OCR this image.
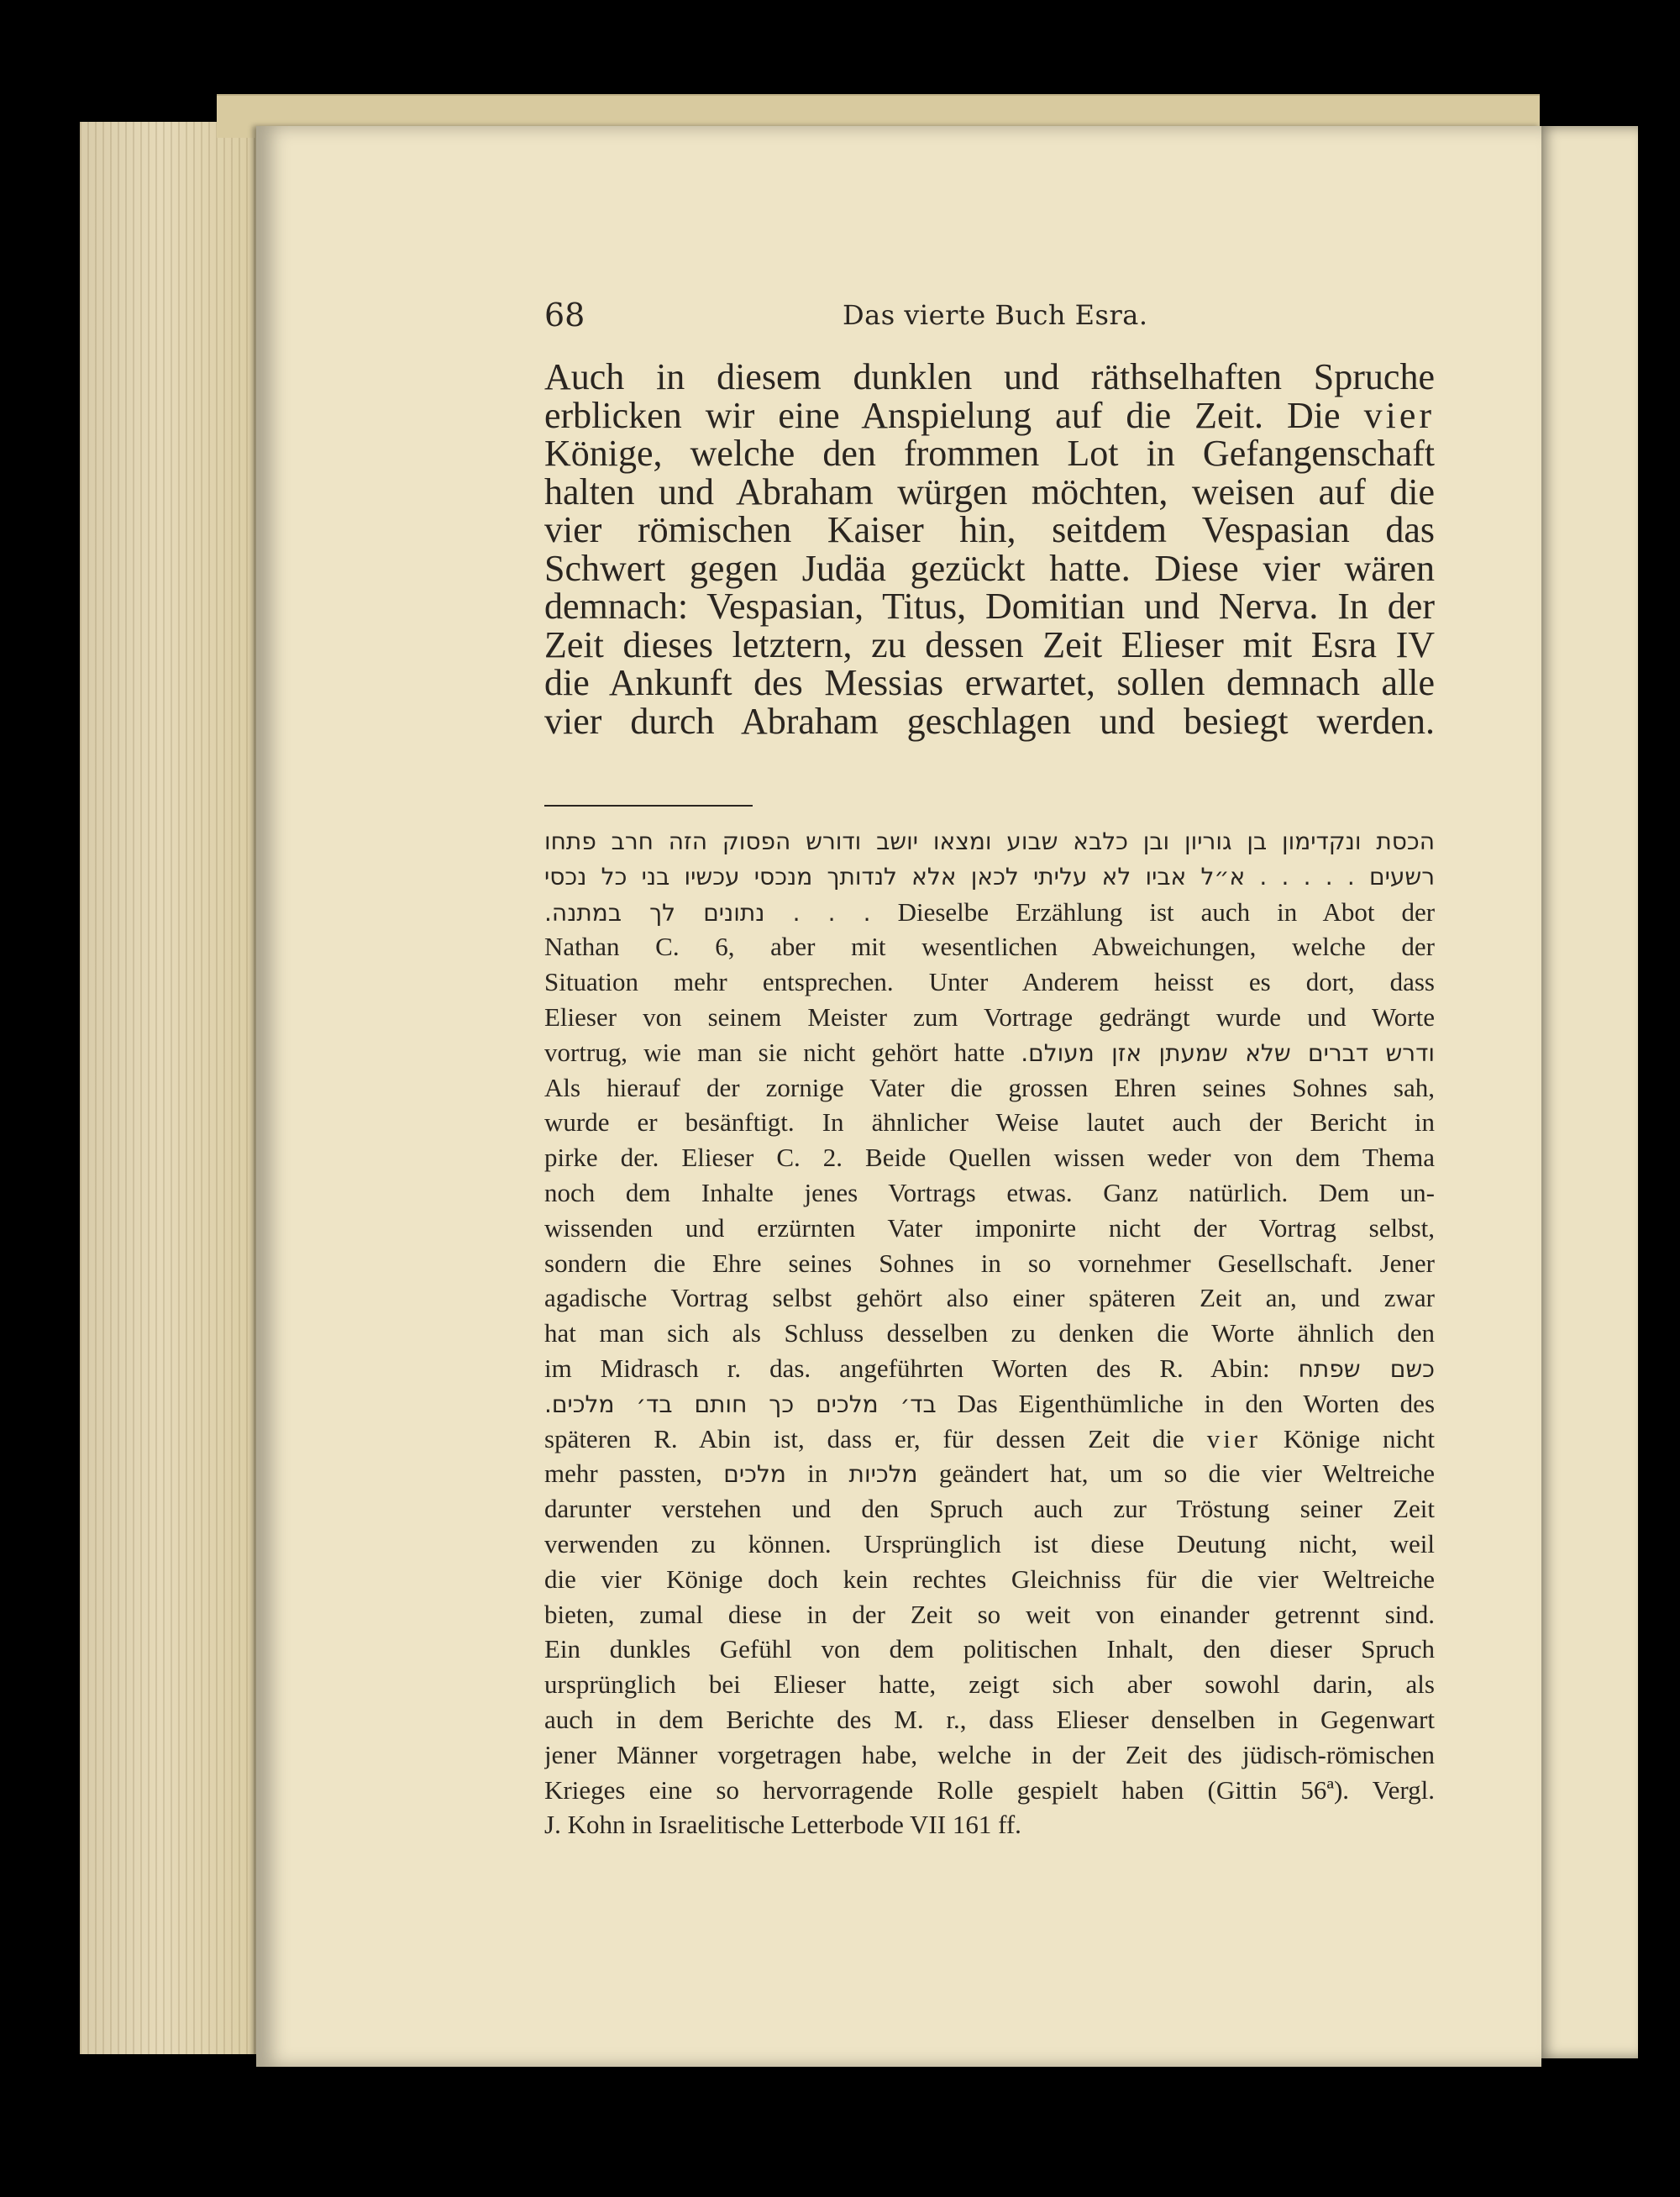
68	Das vierte Buch Esra.
Auch in diesem dunklen und räthselhaften Spruche
erblicken wir eine Anspielung auf die Zeit. Die vier
Könige, welche den frommen Lot in Gefangenschaft
halten und Abraham würgen möchten, weisen auf die
vier römischen Kaiser hin, seitdem Vespasian das
Schwert gegen Judäa gezückt hatte. Diese vier wären
demnach: Vespasian, Titus, Domitian und Nerva. In der
Zeit dieses letztern, zu dessen Zeit Elieser mit Esra IV
die Ankunft des Messias erwartet, sollen demnach alle
vier durch Abraham geschlagen und besiegt werden.
הכסת ונקדימון בן גוריון ובן כלבא שבוע ומצאו יושב ודורש הפסוק הזה חרב פתחו
רשעים . . . . . א״ל אביו לא עליתי לכאן אלא לנדותך מנכסי עכשיו בני כל נכסי
. . . נתונים לך במתנה. Dieselbe Erzählung ist auch in Abot der
Nathan C. 6, aber mit wesentlichen Abweichungen, welche der
Situation mehr entsprechen. Unter Anderem heisst es dort, dass
Elieser von seinem Meister zum Vortrage gedrängt wurde und Worte
vortrug, wie man sie nicht gehört hatte ודרש דברים שלא שמעתן אזן מעולם.
Als hierauf der zornige Vater die grossen Ehren seines Sohnes sah,
wurde er besänftigt. In ähnlicher Weise lautet auch der Bericht in
pirke der. Elieser C. 2. Beide Quellen wissen weder von dem Thema
noch dem Inhalte jenes Vortrags etwas. Ganz natürlich. Dem un-
wissenden und erzürnten Vater imponirte nicht der Vortrag selbst,
sondern die Ehre seines Sohnes in so vornehmer Gesellschaft. Jener
agadische Vortrag selbst gehört also einer späteren Zeit an, und zwar
hat man sich als Schluss desselben zu denken die Worte ähnlich den
im Midrasch r. das. angeführten Worten des R. Abin: כשם שפתח
בד׳ מלכים כך חותם בד׳ מלכים. Das Eigenthümliche in den Worten des
späteren R. Abin ist, dass er, für dessen Zeit die vier Könige nicht
mehr passten, מלכים in מלכיות geändert hat, um so die vier Weltreiche
darunter verstehen und den Spruch auch zur Tröstung seiner Zeit
verwenden zu können. Ursprünglich ist diese Deutung nicht, weil
die vier Könige doch kein rechtes Gleichniss für die vier Weltreiche
bieten, zumal diese in der Zeit so weit von einander getrennt sind.
Ein dunkles Gefühl von dem politischen Inhalt, den dieser Spruch
ursprünglich bei Elieser hatte, zeigt sich aber sowohl darin, als
auch in dem Berichte des M. r., dass Elieser denselben in Gegenwart
jener Männer vorgetragen habe, welche in der Zeit des jüdisch-römischen
Krieges eine so hervorragende Rolle gespielt haben (Gittin 56ª). Vergl.
J. Kohn in Israelitische Letterbode VII 161 ff.
